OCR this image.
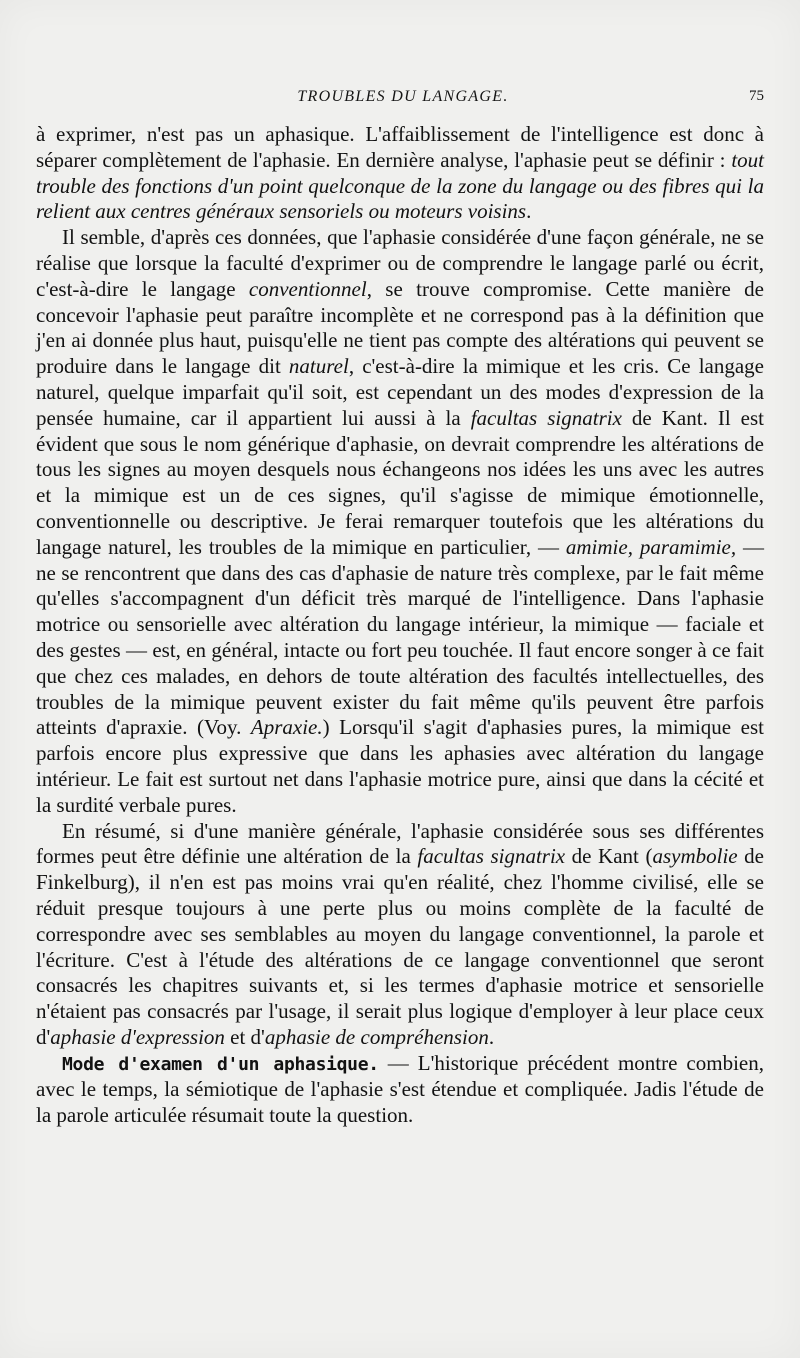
TROUBLES DU LANGAGE.	75

à exprimer, n'est pas un aphasique. L'affaiblissement de l'intelligence est donc à séparer complètement de l'aphasie. En dernière analyse, l'aphasie peut se définir : tout trouble des fonctions d'un point quelconque de la zone du langage ou des fibres qui la relient aux centres généraux sensoriels ou moteurs voisins.

Il semble, d'après ces données, que l'aphasie considérée d'une façon générale, ne se réalise que lorsque la faculté d'exprimer ou de comprendre le langage parlé ou écrit, c'est-à-dire le langage conventionnel, se trouve compromise. Cette manière de concevoir l'aphasie peut paraître incomplète et ne correspond pas à la définition que j'en ai donnée plus haut, puisqu'elle ne tient pas compte des altérations qui peuvent se produire dans le langage dit naturel, c'est-à-dire la mimique et les cris. Ce langage naturel, quelque imparfait qu'il soit, est cependant un des modes d'expression de la pensée humaine, car il appartient lui aussi à la facultas signatrix de Kant. Il est évident que sous le nom générique d'aphasie, on devrait comprendre les altérations de tous les signes au moyen desquels nous échangeons nos idées les uns avec les autres et la mimique est un de ces signes, qu'il s'agisse de mimique émotionnelle, conventionnelle ou descriptive. Je ferai remarquer toutefois que les altérations du langage naturel, les troubles de la mimique en particulier, — amimie, paramimie, — ne se rencontrent que dans des cas d'aphasie de nature très complexe, par le fait même qu'elles s'accompagnent d'un déficit très marqué de l'intelligence. Dans l'aphasie motrice ou sensorielle avec altération du langage intérieur, la mimique — faciale et des gestes — est, en général, intacte ou fort peu touchée. Il faut encore songer à ce fait que chez ces malades, en dehors de toute altération des facultés intellectuelles, des troubles de la mimique peuvent exister du fait même qu'ils peuvent être parfois atteints d'apraxie. (Voy. Apraxie.) Lorsqu'il s'agit d'aphasies pures, la mimique est parfois encore plus expressive que dans les aphasies avec altération du langage intérieur. Le fait est surtout net dans l'aphasie motrice pure, ainsi que dans la cécité et la surdité verbale pures.

En résumé, si d'une manière générale, l'aphasie considérée sous ses différentes formes peut être définie une altération de la facultas signatrix de Kant (asymbolie de Finkelburg), il n'en est pas moins vrai qu'en réalité, chez l'homme civilisé, elle se réduit presque toujours à une perte plus ou moins complète de la faculté de correspondre avec ses semblables au moyen du langage conventionnel, la parole et l'écriture. C'est à l'étude des altérations de ce langage conventionnel que seront consacrés les chapitres suivants et, si les termes d'aphasie motrice et sensorielle n'étaient pas consacrés par l'usage, il serait plus logique d'employer à leur place ceux d'aphasie d'expression et d'aphasie de compréhension.

Mode d'examen d'un aphasique. — L'historique précédent montre combien, avec le temps, la sémiotique de l'aphasie s'est étendue et compliquée. Jadis l'étude de la parole articulée résumait toute la question.
